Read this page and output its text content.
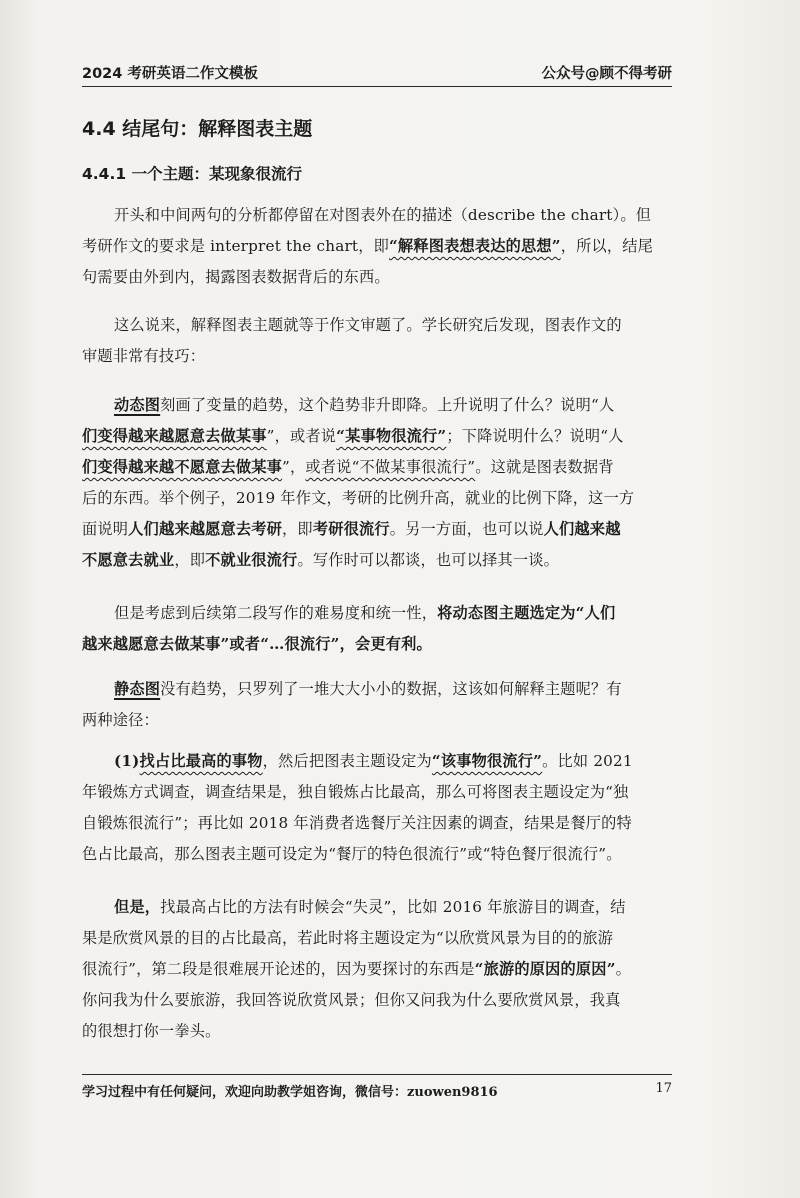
2024 考研英语二作文模板	公众号@顾不得考研
4.4 结尾句：解释图表主题
4.4.1 一个主题：某现象很流行
开头和中间两句的分析都停留在对图表外在的描述（describe the chart）。但
考研作文的要求是 interpret the chart，即“解释图表想表达的思想”，所以，结尾
句需要由外到内，揭露图表数据背后的东西。
这么说来，解释图表主题就等于作文审题了。学长研究后发现，图表作文的
审题非常有技巧：
动态图刻画了变量的趋势，这个趋势非升即降。上升说明了什么？说明“人
们变得越来越愿意去做某事”，或者说“某事物很流行”；下降说明什么？说明“人
们变得越来越不愿意去做某事”，或者说“不做某事很流行”。这就是图表数据背
后的东西。举个例子，2019 年作文，考研的比例升高，就业的比例下降，这一方
面说明人们越来越愿意去考研，即考研很流行。另一方面，也可以说人们越来越
不愿意去就业，即不就业很流行。写作时可以都谈，也可以择其一谈。
但是考虑到后续第二段写作的难易度和统一性，将动态图主题选定为“人们
越来越愿意去做某事”或者“…很流行”，会更有利。
静态图没有趋势，只罗列了一堆大大小小的数据，这该如何解释主题呢？有
两种途径：
(1)找占比最高的事物，然后把图表主题设定为“该事物很流行”。比如 2021
年锻炼方式调查，调查结果是，独自锻炼占比最高，那么可将图表主题设定为“独
自锻炼很流行”；再比如 2018 年消费者选餐厅关注因素的调查，结果是餐厅的特
色占比最高，那么图表主题可设定为“餐厅的特色很流行”或“特色餐厅很流行”。
但是，找最高占比的方法有时候会“失灵”，比如 2016 年旅游目的调查，结
果是欣赏风景的目的占比最高，若此时将主题设定为“以欣赏风景为目的的旅游
很流行”，第二段是很难展开论述的，因为要探讨的东西是“旅游的原因的原因”。
你问我为什么要旅游，我回答说欣赏风景；但你又问我为什么要欣赏风景，我真
的很想打你一拳头。
学习过程中有任何疑问，欢迎向助教学姐咨询，微信号：zuowen9816	17
